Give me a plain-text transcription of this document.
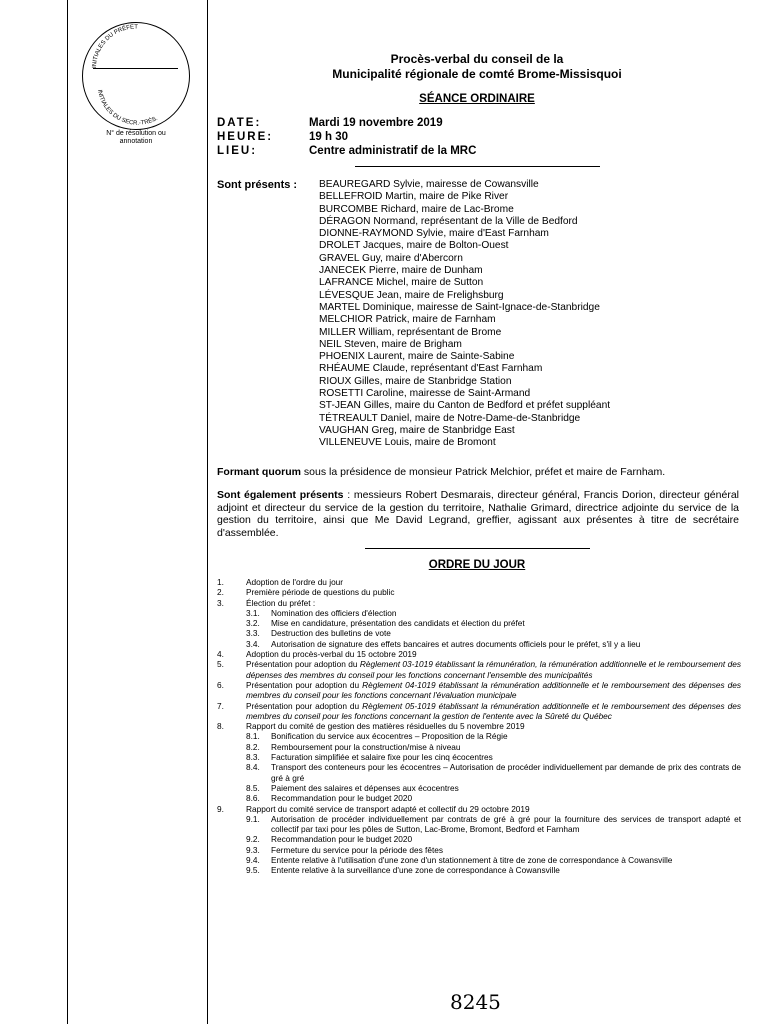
INITIALES DU PRÉFET
INITIALES DU SECR.-TRÉS.
N° de résolution ou annotation
Procès-verbal du conseil de la
Municipalité régionale de comté Brome-Missisquoi
SÉANCE ORDINAIRE
DATE:	Mardi 19 novembre 2019
HEURE:	19 h 30
LIEU:	Centre administratif de la MRC
Sont présents : BEAUREGARD Sylvie, mairesse de Cowansville
BELLEFROID Martin, maire de Pike River
BURCOMBE Richard, maire de Lac-Brome
DÉRAGON Normand, représentant de la Ville de Bedford
DIONNE-RAYMOND Sylvie, maire d'East Farnham
DROLET Jacques, maire de Bolton-Ouest
GRAVEL Guy, maire d'Abercorn
JANECEK Pierre, maire de Dunham
LAFRANCE Michel, maire de Sutton
LÉVESQUE Jean, maire de Frelighsburg
MARTEL Dominique, mairesse de Saint-Ignace-de-Stanbridge
MELCHIOR Patrick, maire de Farnham
MILLER William, représentant de Brome
NEIL Steven, maire de Brigham
PHOENIX Laurent, maire de Sainte-Sabine
RHÉAUME Claude, représentant d'East Farnham
RIOUX Gilles, maire de Stanbridge Station
ROSETTI Caroline, mairesse de Saint-Armand
ST-JEAN Gilles, maire du Canton de Bedford et préfet suppléant
TÉTREAULT Daniel, maire de Notre-Dame-de-Stanbridge
VAUGHAN Greg, maire de Stanbridge East
VILLENEUVE Louis, maire de Bromont
Formant quorum sous la présidence de monsieur Patrick Melchior, préfet et maire de Farnham.
Sont également présents : messieurs Robert Desmarais, directeur général, Francis Dorion, directeur général adjoint et directeur du service de la gestion du territoire, Nathalie Grimard, directrice adjointe du service de la gestion du territoire, ainsi que Me David Legrand, greffier, agissant aux présentes à titre de secrétaire d'assemblée.
ORDRE DU JOUR
1.	Adoption de l'ordre du jour
2.	Première période de questions du public
3.	Élection du préfet :
3.1. Nomination des officiers d'élection
3.2. Mise en candidature, présentation des candidats et élection du préfet
3.3. Destruction des bulletins de vote
3.4. Autorisation de signature des effets bancaires et autres documents officiels pour le préfet, s'il y a lieu
4.	Adoption du procès-verbal du 15 octobre 2019
5.	Présentation pour adoption du Règlement 03-1019 établissant la rémunération, la rémunération additionnelle et le remboursement des dépenses des membres du conseil pour les fonctions concernant l'ensemble des municipalités
6.	Présentation pour adoption du Règlement 04-1019 établissant la rémunération additionnelle et le remboursement des dépenses des membres du conseil pour les fonctions concernant l'évaluation municipale
7.	Présentation pour adoption du Règlement 05-1019 établissant la rémunération additionnelle et le remboursement des dépenses des membres du conseil pour les fonctions concernant la gestion de l'entente avec la Sûreté du Québec
8.	Rapport du comité de gestion des matières résiduelles du 5 novembre 2019
8.1. Bonification du service aux écocentres – Proposition de la Régie
8.2. Remboursement pour la construction/mise à niveau
8.3. Facturation simplifiée et salaire fixe pour les cinq écocentres
8.4. Transport des conteneurs pour les écocentres – Autorisation de procéder individuellement par demande de prix des contrats de gré à gré
8.5. Paiement des salaires et dépenses aux écocentres
8.6. Recommandation pour le budget 2020
9.	Rapport du comité service de transport adapté et collectif du 29 octobre 2019
9.1. Autorisation de procéder individuellement par contrats de gré à gré pour la fourniture des services de transport adapté et collectif par taxi pour les pôles de Sutton, Lac-Brome, Bromont, Bedford et Farnham
9.2. Recommandation pour le budget 2020
9.3. Fermeture du service pour la période des fêtes
9.4. Entente relative à l'utilisation d'une zone d'un stationnement à titre de zone de correspondance à Cowansville
9.5. Entente relative à la surveillance d'une zone de correspondance à Cowansville
8245
